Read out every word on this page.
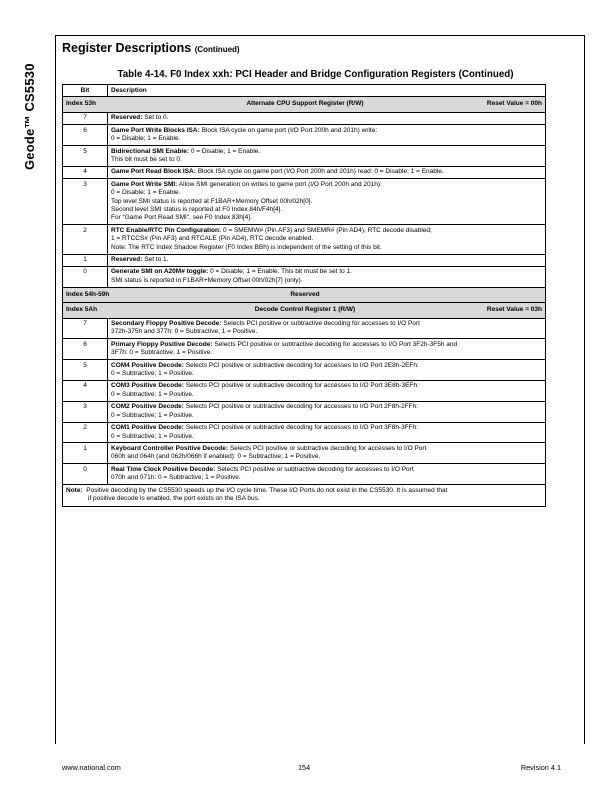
Geode™ CS5530
Register Descriptions (Continued)
Table 4-14. F0 Index xxh: PCI Header and Bridge Configuration Registers (Continued)
Bit	Description
Index 53h Reset Value = 00h
Alternate CPU Support Register (R/W)	

7	Reserved: Set to 0.

6	Game Port Write Blocks ISA: Block ISA cycle on game port (I/O Port 200h and 201h) write:
0 = Disable; 1 = Enable.

5	Bidirectional SMI Enable: 0 = Disable; 1 = Enable.
This bit must be set to 0.

4	Game Port Read Block ISA: Block ISA cycle on game port (I/O Port 200h and 201h) read: 0 = Disable; 1 = Enable.

3	Game Port Write SMI: Allow SMI generation on writes to game port (I/O Port 200h and 201h):
0 = Disable; 1 = Enable.
Top level SMI status is reported at F1BAR+Memory Offset 00h/02h[0].
Second level SMI status is reported at F0 Index 84h/F4h[4].
For “Game Port Read SMI”, see F0 Index 83h[4].

2	RTC Enable/RTC Pin Configuration: 0 = SMEMW# (Pin AF3) and SMEMR# (Pin AD4), RTC decode disabled;
1 = RTCCS# (Pin AF3) and RTCALE (Pin AD4), RTC decode enabled.
Note: The RTC Index Shadow Register (F0 Index BBh) is independent of the setting of this bit.

1	Reserved: Set to 1.

0	Generate SMI on A20M# toggle: 0 = Disable; 1 = Enable. This bit must be set to 1.
SMI status is reported in F1BAR+Memory Offset 00h/02h[7] (only).

Index 54h-59h Reserved	

Index 5Ah Reset Value = 03h
Decode Control Register 1 (R/W)	

7	Secondary Floppy Positive Decode: Selects PCI positive or subtractive decoding for accesses to I/O Port
372h-375h and 377h: 0 = Subtractive; 1 = Positive.

6	Primary Floppy Positive Decode: Selects PCI positive or subtractive decoding for accesses to I/O Port 3F2h-3F5h and
3F7h: 0 = Subtractive; 1 = Positive.

5	COM4 Positive Decode: Selects PCI positive or subtractive decoding for accesses to I/O Port 2E8h-2EFh:
0 = Subtractive; 1 = Positive.

4	COM3 Positive Decode: Selects PCI positive or subtractive decoding for accesses to I/O Port 3E8h-3EFh:
0 = Subtractive; 1 = Positive.

3	COM2 Positive Decode: Selects PCI positive or subtractive decoding for accesses to I/O Port 2F8h-2FFh:
0 = Subtractive; 1 = Positive.

2	COM1 Positive Decode: Selects PCI positive or subtractive decoding for accesses to I/O Port 3F8h-3FFh:
0 = Subtractive; 1 = Positive.

1	Keyboard Controller Positive Decode: Selects PCI positive or subtractive decoding for accesses to I/O Port
060h and 064h (and 062h/066h if enabled): 0 = Subtractive; 1 = Positive.

0	Real Time Clock Positive Decode: Selects PCI positive or subtractive decoding for accesses to I/O Port
070h and 071h: 0 = Subtractive; 1 = Positive.

Note: Positive decoding by the CS5530 speeds up the I/O cycle time. These I/O Ports do not exist in the CS5530. It is assumed that
if positive decode is enabled, the port exists on the ISA bus.	
www.national.com	154	Revision 4.1
